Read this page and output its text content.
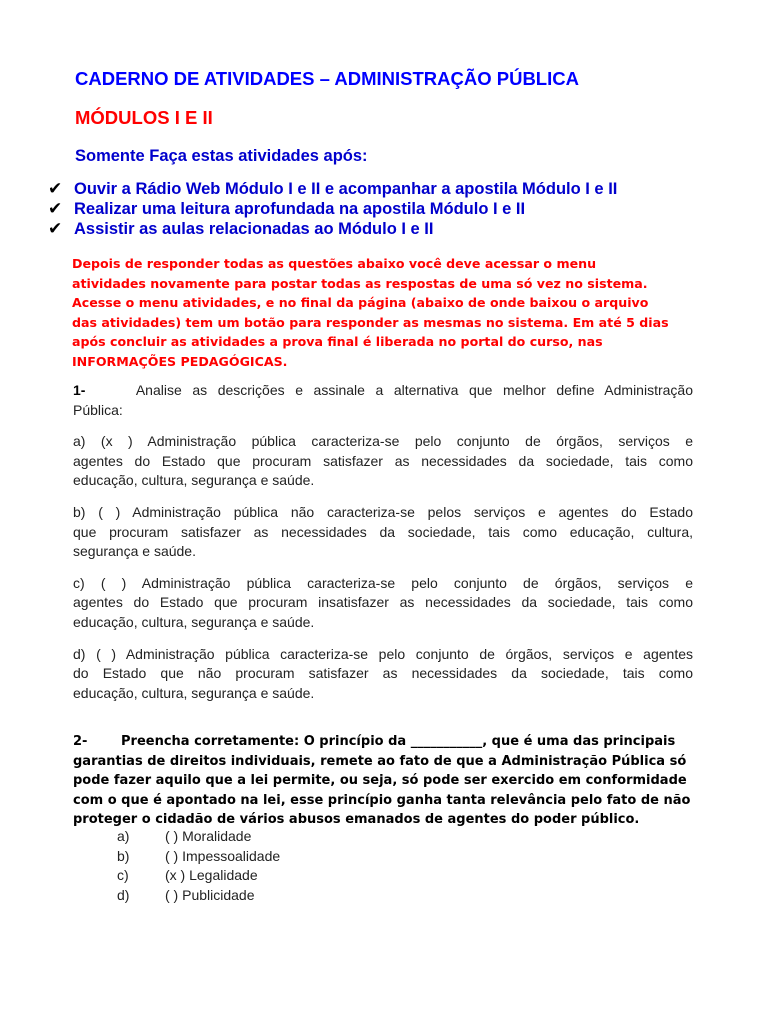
CADERNO DE ATIVIDADES – ADMINISTRAÇÃO PÚBLICA
MÓDULOS I E II
Somente Faça estas atividades após:
✔ Ouvir a Rádio Web Módulo I e II e acompanhar a apostila Módulo I e II
✔ Realizar uma leitura aprofundada na apostila Módulo I e II
✔ Assistir as aulas relacionadas ao Módulo I e II
Depois de responder todas as questões abaixo você deve acessar o menu
atividades novamente para postar todas as respostas de uma só vez no sistema.
Acesse o menu atividades, e no final da página (abaixo de onde baixou o arquivo
das atividades) tem um botão para responder as mesmas no sistema. Em até 5 dias
após concluir as atividades a prova final é liberada no portal do curso, nas
INFORMAÇÕES PEDAGÓGICAS.
1-	Analise as descrições e assinale a alternativa que melhor define Administração
Pública:
a) (x ) Administração pública caracteriza-se pelo conjunto de órgãos, serviços e
agentes do Estado que procuram satisfazer as necessidades da sociedade, tais como
educação, cultura, segurança e saúde.
b) ( ) Administração pública não caracteriza-se pelos serviços e agentes do Estado
que procuram satisfazer as necessidades da sociedade, tais como educação, cultura,
segurança e saúde.
c) ( ) Administração pública caracteriza-se pelo conjunto de órgãos, serviços e
agentes do Estado que procuram insatisfazer as necessidades da sociedade, tais como
educação, cultura, segurança e saúde.
d) ( ) Administração pública caracteriza-se pelo conjunto de órgãos, serviços e agentes
do Estado que não procuram satisfazer as necessidades da sociedade, tais como
educação, cultura, segurança e saúde.
2-	Preencha corretamente: O princípio da ___________, que é uma das principais
garantias de direitos individuais, remete ao fato de que a Administração Pública só
pode fazer aquilo que a lei permite, ou seja, só pode ser exercido em conformidade
com o que é apontado na lei, esse princípio ganha tanta relevância pelo fato de não
proteger o cidadão de vários abusos emanados de agentes do poder público.
a)	( ) Moralidade
b)	( ) Impessoalidade
c)	(x ) Legalidade
d)	( ) Publicidade
